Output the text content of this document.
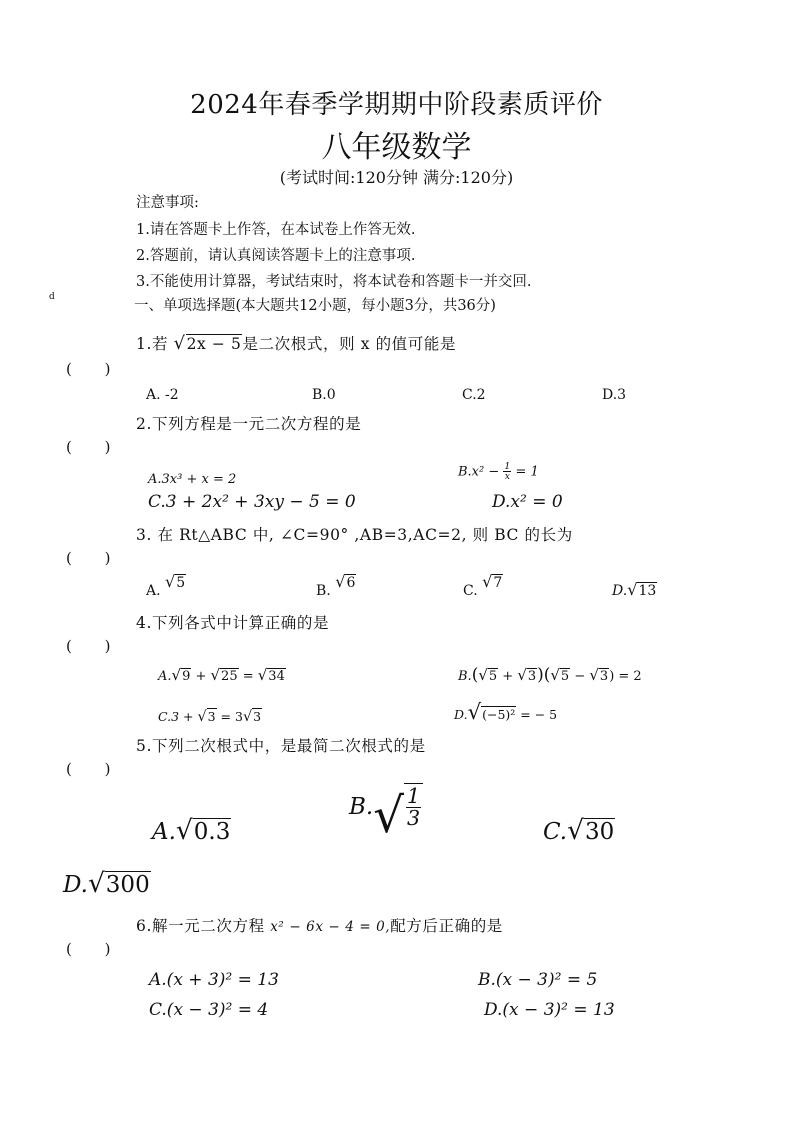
2024年春季学期期中阶段素质评价
八年级数学
(考试时间:120分钟 满分:120分)
注意事项:
1.请在答题卡上作答，在本试卷上作答无效.
2.答题前，请认真阅读答题卡上的注意事项.
3.不能使用计算器，考试结束时，将本试卷和答题卡一并交回.
d
一、单项选择题(本大题共12小题，每小题3分，共36分)
1.若 √2x − 5是二次根式，则 x 的值可能是
( )
A. -2	B.0	C.2	D.3
2.下列方程是一元二次方程的是
( )
A.3x³ + x = 2
$B.x^2 - \frac{1}{x} = 1$
C.3 + 2x² + 3xy − 5 = 0	D.x² = 0
3. 在 Rt△ABC 中, ∠C=90° ,AB=3,AC=2, 则 BC 的长为
( )
A. √5	B. √6	C. √7	D.√13
4.下列各式中计算正确的是
( )
A.√9 + √25 = √34	B.(√5 + √3)(√5 − √3) = 2
C.3 + √3 = 3√3	D.√(−5)² = − 5
5.下列二次根式中，是最简二次根式的是
( )
A.√0.3
$B.√ \frac{1}{3}$
C.√30
D.√300
6.解一元二次方程 x² − 6x − 4 = 0,配方后正确的是
( )
A.(x + 3)² = 13	B.(x − 3)² = 5
C.(x − 3)² = 4	D.(x − 3)² = 13
